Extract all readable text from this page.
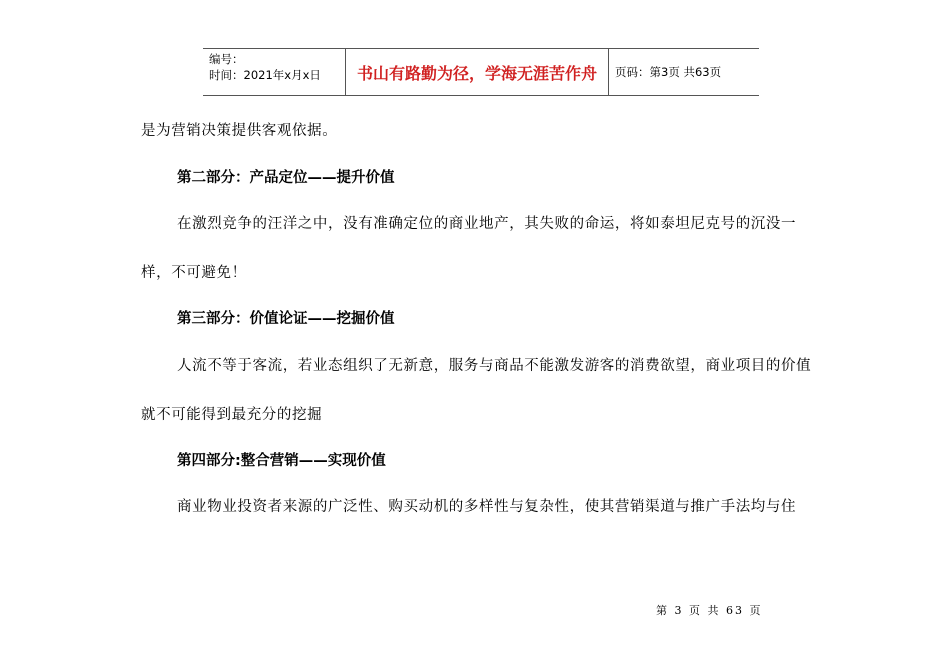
编号：
时间：2021年x月x日	书山有路勤为径，学海无涯苦作舟	页码：第3页 共63页
是为营销决策提供客观依据。
第二部分：产品定位——提升价值
在激烈竞争的汪洋之中，没有准确定位的商业地产，其失败的命运，将如泰坦尼克号的沉没一
样，不可避免！
第三部分：价值论证——挖掘价值
人流不等于客流，若业态组织了无新意，服务与商品不能激发游客的消费欲望，商业项目的价值
就不可能得到最充分的挖掘
第四部分:整合营销——实现价值
商业物业投资者来源的广泛性、购买动机的多样性与复杂性，使其营销渠道与推广手法均与住
第 3 页 共 63 页
